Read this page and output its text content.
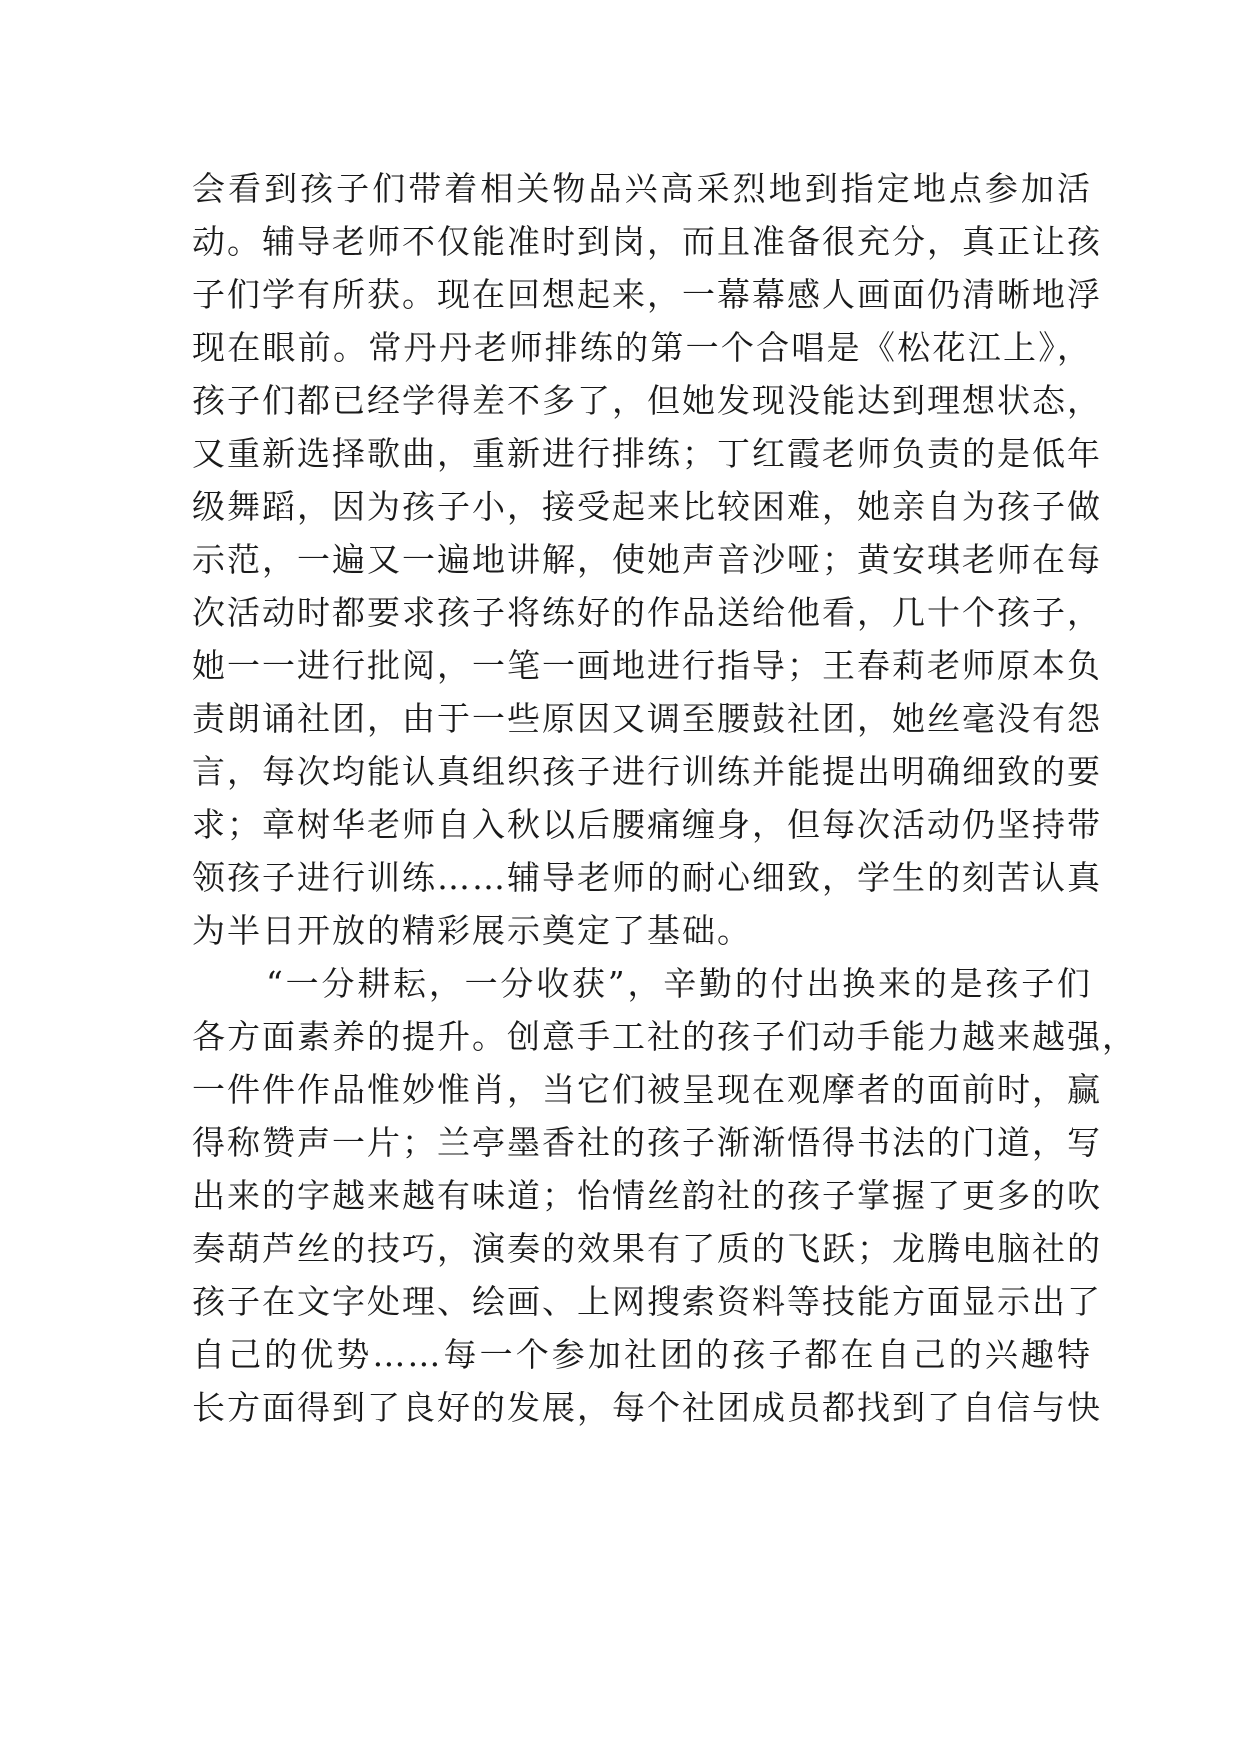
会看到孩子们带着相关物品兴高采烈地到指定地点参加活
动。辅导老师不仅能准时到岗，而且准备很充分，真正让孩
子们学有所获。现在回想起来，一幕幕感人画面仍清晰地浮
现在眼前。常丹丹老师排练的第一个合唱是《松花江上》，
孩子们都已经学得差不多了，但她发现没能达到理想状态，
又重新选择歌曲，重新进行排练；丁红霞老师负责的是低年
级舞蹈，因为孩子小，接受起来比较困难，她亲自为孩子做
示范，一遍又一遍地讲解，使她声音沙哑；黄安琪老师在每
次活动时都要求孩子将练好的作品送给他看，几十个孩子，
她一一进行批阅，一笔一画地进行指导；王春莉老师原本负
责朗诵社团，由于一些原因又调至腰鼓社团，她丝毫没有怨
言，每次均能认真组织孩子进行训练并能提出明确细致的要
求；章树华老师自入秋以后腰痛缠身，但每次活动仍坚持带
领孩子进行训练……辅导老师的耐心细致，学生的刻苦认真
为半日开放的精彩展示奠定了基础。
“一分耕耘，一分收获”，辛勤的付出换来的是孩子们
各方面素养的提升。创意手工社的孩子们动手能力越来越强，
一件件作品惟妙惟肖，当它们被呈现在观摩者的面前时，赢
得称赞声一片；兰亭墨香社的孩子渐渐悟得书法的门道，写
出来的字越来越有味道；怡情丝韵社的孩子掌握了更多的吹
奏葫芦丝的技巧，演奏的效果有了质的飞跃；龙腾电脑社的
孩子在文字处理、绘画、上网搜索资料等技能方面显示出了
自己的优势……每一个参加社团的孩子都在自己的兴趣特
长方面得到了良好的发展，每个社团成员都找到了自信与快
